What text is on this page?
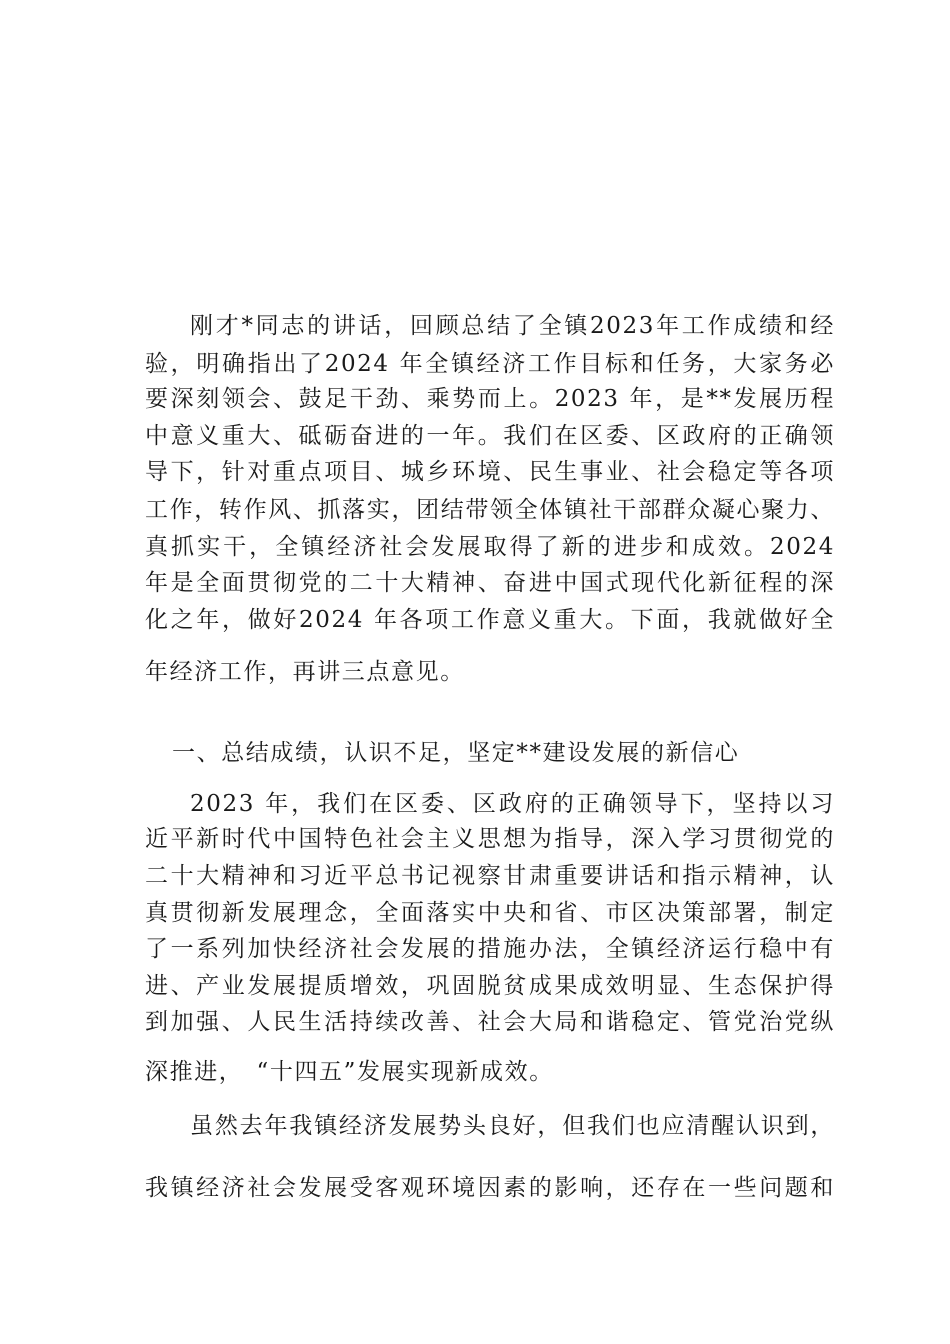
刚才*同志的讲话，回顾总结了全镇2023年工作成绩和经
验，明确指出了2024 年全镇经济工作目标和任务，大家务必
要深刻领会、鼓足干劲、乘势而上。2023 年，是**发展历程
中意义重大、砥砺奋进的一年。我们在区委、区政府的正确领
导下，针对重点项目、城乡环境、民生事业、社会稳定等各项
工作，转作风、抓落实，团结带领全体镇社干部群众凝心聚力、
真抓实干，全镇经济社会发展取得了新的进步和成效。2024
年是全面贯彻党的二十大精神、奋进中国式现代化新征程的深
化之年，做好2024 年各项工作意义重大。下面，我就做好全
年经济工作，再讲三点意见。
一、总结成绩，认识不足，坚定**建设发展的新信心
2023 年，我们在区委、区政府的正确领导下，坚持以习
近平新时代中国特色社会主义思想为指导，深入学习贯彻党的
二十大精神和习近平总书记视察甘肃重要讲话和指示精神，认
真贯彻新发展理念，全面落实中央和省、市区决策部署，制定
了一系列加快经济社会发展的措施办法，全镇经济运行稳中有
进、产业发展提质增效，巩固脱贫成果成效明显、生态保护得
到加强、人民生活持续改善、社会大局和谐稳定、管党治党纵
深推进，　“十四五”发展实现新成效。
虽然去年我镇经济发展势头良好，但我们也应清醒认识到，
我镇经济社会发展受客观环境因素的影响，还存在一些问题和
